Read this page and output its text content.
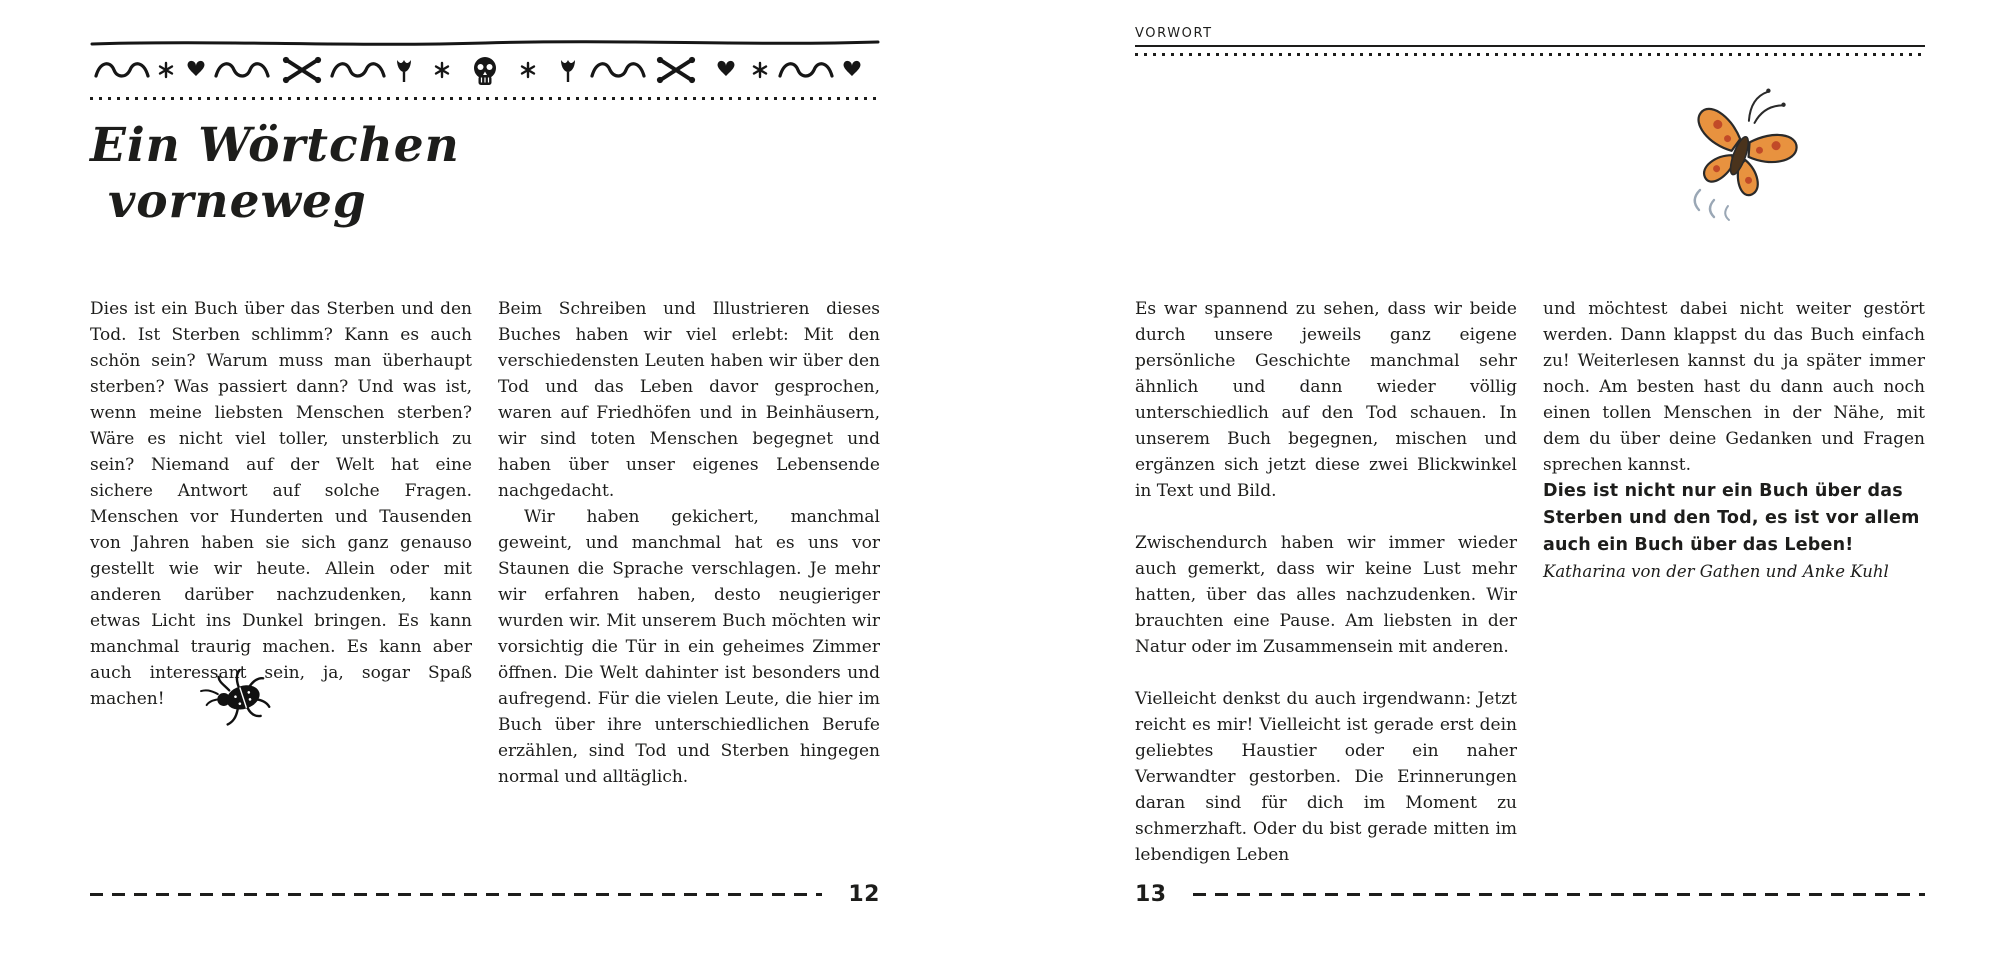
Ein Wörtchen
vorneweg

Dies ist ein Buch über das Sterben und den Tod. Ist Sterben schlimm? Kann es auch schön sein? Warum muss man überhaupt sterben? Was passiert dann? Und was ist, wenn meine liebsten Menschen sterben? Wäre es nicht viel toller, unsterblich zu sein? Niemand auf der Welt hat eine sichere Antwort auf solche Fragen. Menschen vor Hunderten und Tausenden von Jahren haben sie sich ganz genauso gestellt wie wir heute. Allein oder mit anderen darüber nachzudenken, kann etwas Licht ins Dunkel bringen. Es kann manchmal traurig machen. Es kann aber auch interessant sein, ja, sogar Spaß machen!

Beim Schreiben und Illustrieren dieses Buches haben wir viel erlebt: Mit den verschiedensten Leuten haben wir über den Tod und das Leben davor gesprochen, waren auf Friedhöfen und in Beinhäusern, wir sind toten Menschen begegnet und haben über unser eigenes Lebensende nachgedacht.

Wir haben gekichert, manchmal geweint, und manchmal hat es uns vor Staunen die Sprache verschlagen. Je mehr wir erfahren haben, desto neugieriger wurden wir. Mit unserem Buch möchten wir vorsichtig die Tür in ein geheimes Zimmer öffnen. Die Welt dahinter ist besonders und aufregend. Für die vielen Leute, die hier im Buch über ihre unterschiedlichen Berufe erzählen, sind Tod und Sterben hingegen normal und alltäglich.

12
VORWORT

Es war spannend zu sehen, dass wir beide durch unsere jeweils ganz eigene persönliche Geschichte manchmal sehr ähnlich und dann wieder völlig unterschiedlich auf den Tod schauen. In unserem Buch begegnen, mischen und ergänzen sich jetzt diese zwei Blickwinkel in Text und Bild.

Zwischendurch haben wir immer wieder auch gemerkt, dass wir keine Lust mehr hatten, über das alles nachzudenken. Wir brauchten eine Pause. Am liebsten in der Natur oder im Zusammensein mit anderen.

Vielleicht denkst du auch irgendwann: Jetzt reicht es mir! Vielleicht ist gerade erst dein geliebtes Haustier oder ein naher Verwandter gestorben. Die Erinnerungen daran sind für dich im Moment zu schmerzhaft. Oder du bist gerade mitten im lebendigen Leben

und möchtest dabei nicht weiter gestört werden. Dann klappst du das Buch einfach zu! Weiterlesen kannst du ja später immer noch. Am besten hast du dann auch noch einen tollen Menschen in der Nähe, mit dem du über deine Gedanken und Fragen sprechen kannst.

Dies ist nicht nur ein Buch über das Sterben und den Tod, es ist vor allem auch ein Buch über das Leben!

Katharina von der Gathen und Anke Kuhl

13
